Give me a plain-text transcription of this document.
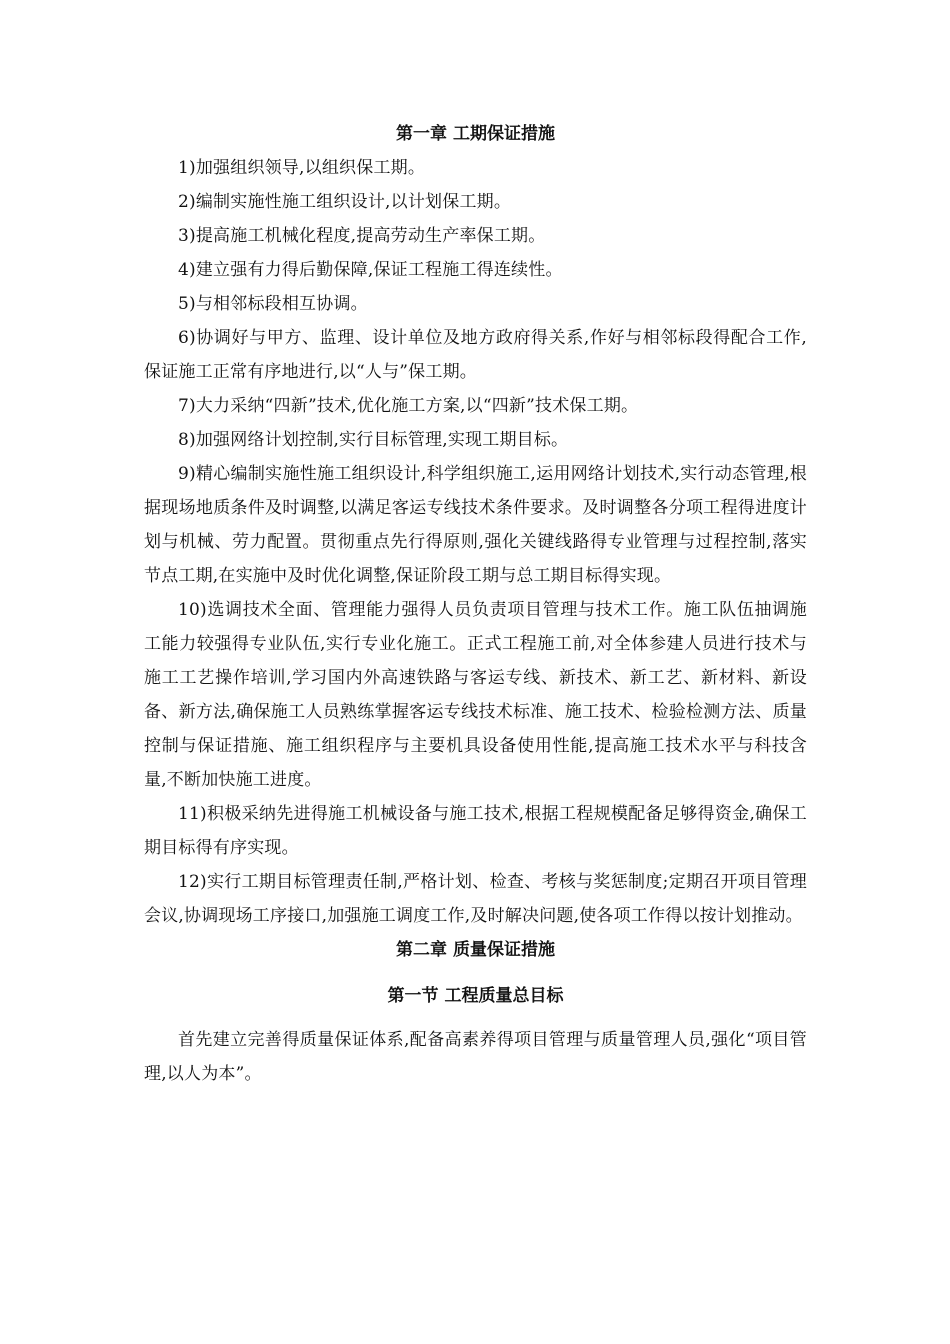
第一章 工期保证措施

1)加强组织领导,以组织保工期。

2)编制实施性施工组织设计,以计划保工期。

3)提高施工机械化程度,提高劳动生产率保工期。

4)建立强有力得后勤保障,保证工程施工得连续性。

5)与相邻标段相互协调。

6)协调好与甲方、监理、设计单位及地方政府得关系,作好与相邻标段得配合工作,保证施工正常有序地进行,以“人与”保工期。

7)大力采纳“四新”技术,优化施工方案,以“四新”技术保工期。

8)加强网络计划控制,实行目标管理,实现工期目标。

9)精心编制实施性施工组织设计,科学组织施工,运用网络计划技术,实行动态管理,根据现场地质条件及时调整,以满足客运专线技术条件要求。及时调整各分项工程得进度计划与机械、劳力配置。贯彻重点先行得原则,强化关键线路得专业管理与过程控制,落实节点工期,在实施中及时优化调整,保证阶段工期与总工期目标得实现。

10)选调技术全面、管理能力强得人员负责项目管理与技术工作。施工队伍抽调施工能力较强得专业队伍,实行专业化施工。正式工程施工前,对全体参建人员进行技术与施工工艺操作培训,学习国内外高速铁路与客运专线、新技术、新工艺、新材料、新设备、新方法,确保施工人员熟练掌握客运专线技术标准、施工技术、检验检测方法、质量控制与保证措施、施工组织程序与主要机具设备使用性能,提高施工技术水平与科技含量,不断加快施工进度。

11)积极采纳先进得施工机械设备与施工技术,根据工程规模配备足够得资金,确保工期目标得有序实现。

12)实行工期目标管理责任制,严格计划、检查、考核与奖惩制度;定期召开项目管理会议,协调现场工序接口,加强施工调度工作,及时解决问题,使各项工作得以按计划推动。

第二章 质量保证措施
第一节 工程质量总目标

首先建立完善得质量保证体系,配备高素养得项目管理与质量管理人员,强化“项目管理,以人为本”。
